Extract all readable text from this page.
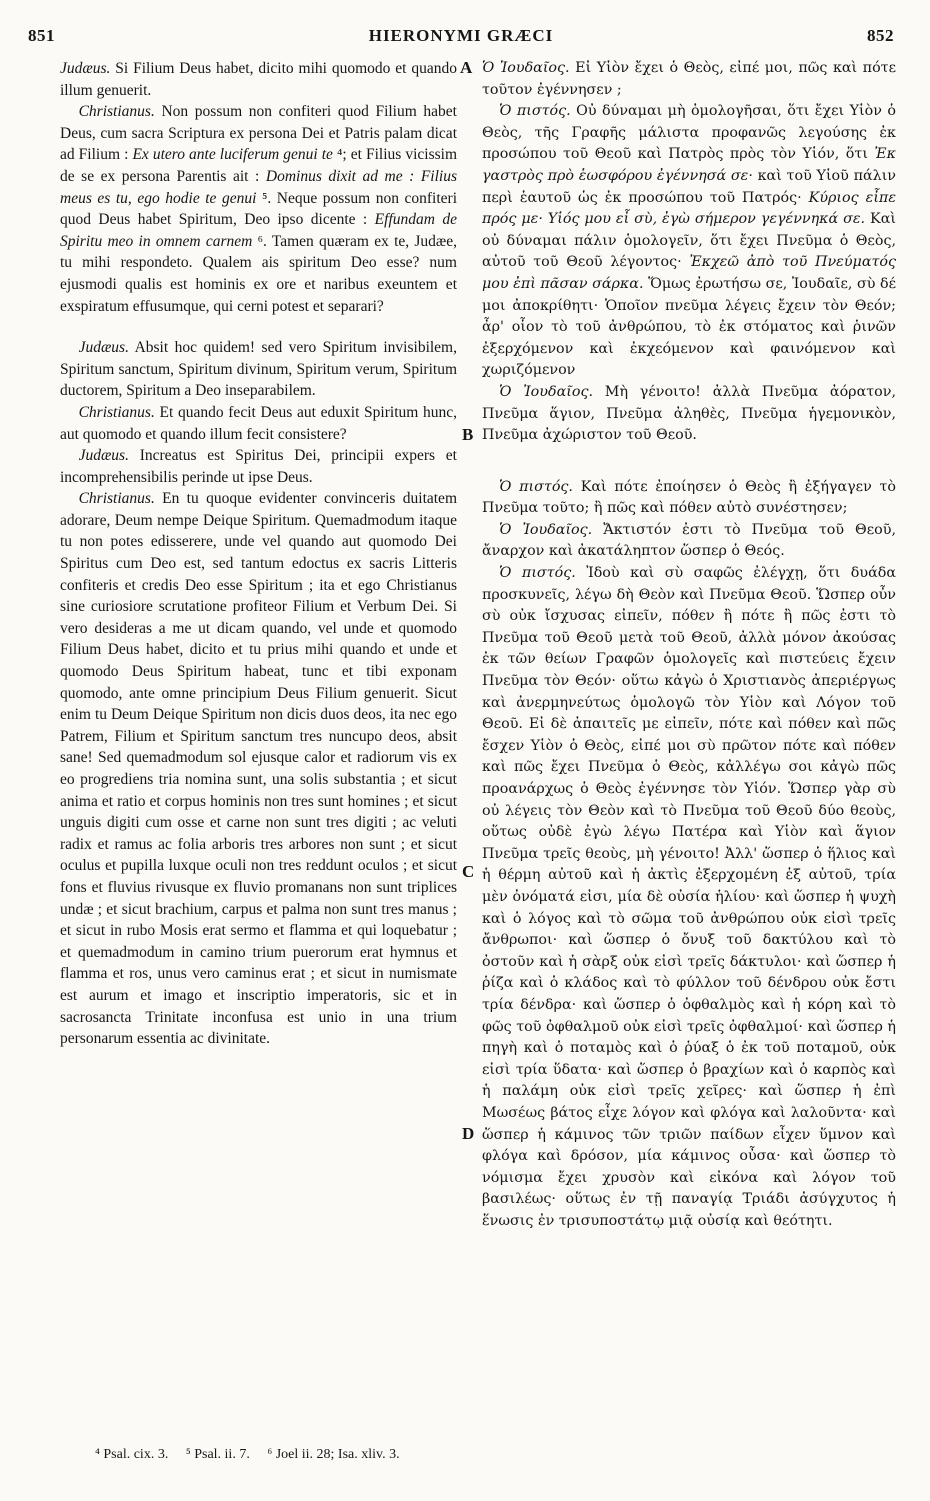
851	HIERONYMI GRÆCI	852
A
B
C
D

Judæus. Si Filium Deus habet, dicito mihi quomodo et quando illum genuerit.

Christianus. Non possum non confiteri quod Filium habet Deus, cum sacra Scriptura ex persona Dei et Patris palam dicat ad Filium : Ex utero ante luciferum genui te ⁴; et Filius vicissim de se ex persona Parentis ait : Dominus dixit ad me : Filius meus es tu, ego hodie te genui ⁵. Neque possum non confiteri quod Deus habet Spiritum, Deo ipso dicente : Effundam de Spiritu meo in omnem carnem ⁶. Tamen quæram ex te, Judæe, tu mihi respondeto. Qualem ais spiritum Deo esse? num ejusmodi qualis est hominis ex ore et naribus exeuntem et exspiratum effusumque, qui cerni potest et separari?

Judæus. Absit hoc quidem! sed vero Spiritum invisibilem, Spiritum sanctum, Spiritum divinum, Spiritum verum, Spiritum ductorem, Spiritum a Deo inseparabilem.

Christianus. Et quando fecit Deus aut eduxit Spiritum hunc, aut quomodo et quando illum fecit consistere?

Judæus. Increatus est Spiritus Dei, principii expers et incomprehensibilis perinde ut ipse Deus.

Christianus. En tu quoque evidenter convinceris duitatem adorare, Deum nempe Deique Spiritum. Quemadmodum itaque tu non potes edisserere, unde vel quando aut quomodo Dei Spiritus cum Deo est, sed tantum edoctus ex sacris Litteris confiteris et credis Deo esse Spiritum ; ita et ego Christianus sine curiosiore scrutatione profiteor Filium et Verbum Dei. Si vero desideras a me ut dicam quando, vel unde et quomodo Filium Deus habet, dicito et tu prius mihi quando et unde et quomodo Deus Spiritum habeat, tunc et tibi exponam quomodo, ante omne principium Deus Filium genuerit. Sicut enim tu Deum Deique Spiritum non dicis duos deos, ita nec ego Patrem, Filium et Spiritum sanctum tres nuncupo deos, absit sane! Sed quemadmodum sol ejusque calor et radiorum vis ex eo progrediens tria nomina sunt, una solis substantia ; et sicut anima et ratio et corpus hominis non tres sunt homines ; et sicut unguis digiti cum osse et carne non sunt tres digiti ; ac veluti radix et ramus ac folia arboris tres arbores non sunt ; et sicut oculus et pupilla luxque oculi non tres reddunt oculos ; et sicut fons et fluvius rivusque ex fluvio promanans non sunt triplices undæ ; et sicut brachium, carpus et palma non sunt tres manus ; et sicut in rubo Mosis erat sermo et flamma et qui loquebatur ; et quemadmodum in camino trium puerorum erat hymnus et flamma et ros, unus vero caminus erat ; et sicut in numismate est aurum et imago et inscriptio imperatoris, sic et in sacrosancta Trinitate inconfusa est unio in una trium personarum essentia ac divinitate.

Ὁ Ἰουδαῖος. Εἰ Υἱὸν ἔχει ὁ Θεὸς, εἰπέ μοι, πῶς καὶ πότε τοῦτον ἐγέννησεν ;

Ὁ πιστός. Οὐ δύναμαι μὴ ὁμολογῆσαι, ὅτι ἔχει Υἱὸν ὁ Θεὸς, τῆς Γραφῆς μάλιστα προφανῶς λεγούσης ἐκ προσώπου τοῦ Θεοῦ καὶ Πατρὸς πρὸς τὸν Υἱόν, ὅτι Ἐκ γαστρὸς πρὸ ἑωσφόρου ἐγέννησά σε· καὶ τοῦ Υἱοῦ πάλιν περὶ ἑαυτοῦ ὡς ἐκ προσώπου τοῦ Πατρός· Κύριος εἶπε πρός με· Υἱός μου εἶ σὺ, ἐγὼ σήμερον γεγέννηκά σε. Καὶ οὐ δύναμαι πάλιν ὁμολογεῖν, ὅτι ἔχει Πνεῦμα ὁ Θεὸς, αὐτοῦ τοῦ Θεοῦ λέγοντος· Ἐκχεῶ ἀπὸ τοῦ Πνεύματός μου ἐπὶ πᾶσαν σάρκα. Ὅμως ἐρωτήσω σε, Ἰουδαῖε, σὺ δέ μοι ἀποκρίθητι· Ὁποῖον πνεῦμα λέγεις ἔχειν τὸν Θεόν; ἆρ' οἷον τὸ τοῦ ἀνθρώπου, τὸ ἐκ στόματος καὶ ῥινῶν ἐξερχόμενον καὶ ἐκχεόμενον καὶ φαινόμενον καὶ χωριζόμενον

Ὁ Ἰουδαῖος. Μὴ γένοιτο! ἀλλὰ Πνεῦμα ἀόρατον, Πνεῦμα ἅγιον, Πνεῦμα ἀληθὲς, Πνεῦμα ἡγεμονικὸν, Πνεῦμα ἀχώριστον τοῦ Θεοῦ.

Ὁ πιστός. Καὶ πότε ἐποίησεν ὁ Θεὸς ἢ ἐξήγαγεν τὸ Πνεῦμα τοῦτο; ἢ πῶς καὶ πόθεν αὐτὸ συνέστησεν;

Ὁ Ἰουδαῖος. Ἄκτιστόν ἐστι τὸ Πνεῦμα τοῦ Θεοῦ, ἄναρχον καὶ ἀκατάληπτον ὥσπερ ὁ Θεός.

Ὁ πιστός. Ἰδοὺ καὶ σὺ σαφῶς ἐλέγχῃ, ὅτι δυάδα προσκυνεῖς, λέγω δὴ Θεὸν καὶ Πνεῦμα Θεοῦ. Ὥσπερ οὖν σὺ οὐκ ἴσχυσας εἰπεῖν, πόθεν ἢ πότε ἢ πῶς ἐστι τὸ Πνεῦμα τοῦ Θεοῦ μετὰ τοῦ Θεοῦ, ἀλλὰ μόνον ἀκούσας ἐκ τῶν θείων Γραφῶν ὁμολογεῖς καὶ πιστεύεις ἔχειν Πνεῦμα τὸν Θεόν· οὕτω κἀγὼ ὁ Χριστιανὸς ἀπεριέργως καὶ ἀνερμηνεύτως ὁμολογῶ τὸν Υἱὸν καὶ Λόγον τοῦ Θεοῦ. Εἰ δὲ ἀπαιτεῖς με εἰπεῖν, πότε καὶ πόθεν καὶ πῶς ἔσχεν Υἱὸν ὁ Θεὸς, εἰπέ μοι σὺ πρῶτον πότε καὶ πόθεν καὶ πῶς ἔχει Πνεῦμα ὁ Θεὸς, κἀλλέγω σοι κἀγὼ πῶς προανάρχως ὁ Θεὸς ἐγέννησε τὸν Υἱόν. Ὥσπερ γὰρ σὺ οὐ λέγεις τὸν Θεὸν καὶ τὸ Πνεῦμα τοῦ Θεοῦ δύο θεοὺς, οὕτως οὐδὲ ἐγὼ λέγω Πατέρα καὶ Υἱὸν καὶ ἅγιον Πνεῦμα τρεῖς θεοὺς, μὴ γένοιτο! Ἀλλ' ὥσπερ ὁ ἥλιος καὶ ἡ θέρμη αὐτοῦ καὶ ἡ ἀκτὶς ἐξερχομένη ἐξ αὐτοῦ, τρία μὲν ὀνόματά εἰσι, μία δὲ οὐσία ἡλίου· καὶ ὥσπερ ἡ ψυχὴ καὶ ὁ λόγος καὶ τὸ σῶμα τοῦ ἀνθρώπου οὐκ εἰσὶ τρεῖς ἄνθρωποι· καὶ ὥσπερ ὁ ὄνυξ τοῦ δακτύλου καὶ τὸ ὀστοῦν καὶ ἡ σὰρξ οὐκ εἰσὶ τρεῖς δάκτυλοι· καὶ ὥσπερ ἡ ῥίζα καὶ ὁ κλάδος καὶ τὸ φύλλον τοῦ δένδρου οὐκ ἔστι τρία δένδρα· καὶ ὥσπερ ὁ ὀφθαλμὸς καὶ ἡ κόρη καὶ τὸ φῶς τοῦ ὀφθαλμοῦ οὐκ εἰσὶ τρεῖς ὀφθαλμοί· καὶ ὥσπερ ἡ πηγὴ καὶ ὁ ποταμὸς καὶ ὁ ῥύαξ ὁ ἐκ τοῦ ποταμοῦ, οὐκ εἰσὶ τρία ὕδατα· καὶ ὥσπερ ὁ βραχίων καὶ ὁ καρπὸς καὶ ἡ παλάμη οὐκ εἰσὶ τρεῖς χεῖρες· καὶ ὥσπερ ἡ ἐπὶ Μωσέως βάτος εἶχε λόγον καὶ φλόγα καὶ λαλοῦντα· καὶ ὥσπερ ἡ κάμινος τῶν τριῶν παίδων εἶχεν ὕμνον καὶ φλόγα καὶ δρόσον, μία κάμινος οὖσα· καὶ ὥσπερ τὸ νόμισμα ἔχει χρυσὸν καὶ εἰκόνα καὶ λόγον τοῦ βασιλέως· οὕτως ἐν τῇ παναγίᾳ Τριάδι ἀσύγχυτος ἡ ἕνωσις ἐν τρισυποστάτῳ μιᾷ οὐσίᾳ καὶ θεότητι.

⁴ Psal. cix. 3. ⁵ Psal. ii. 7. ⁶ Joel ii. 28; Isa. xliv. 3.
